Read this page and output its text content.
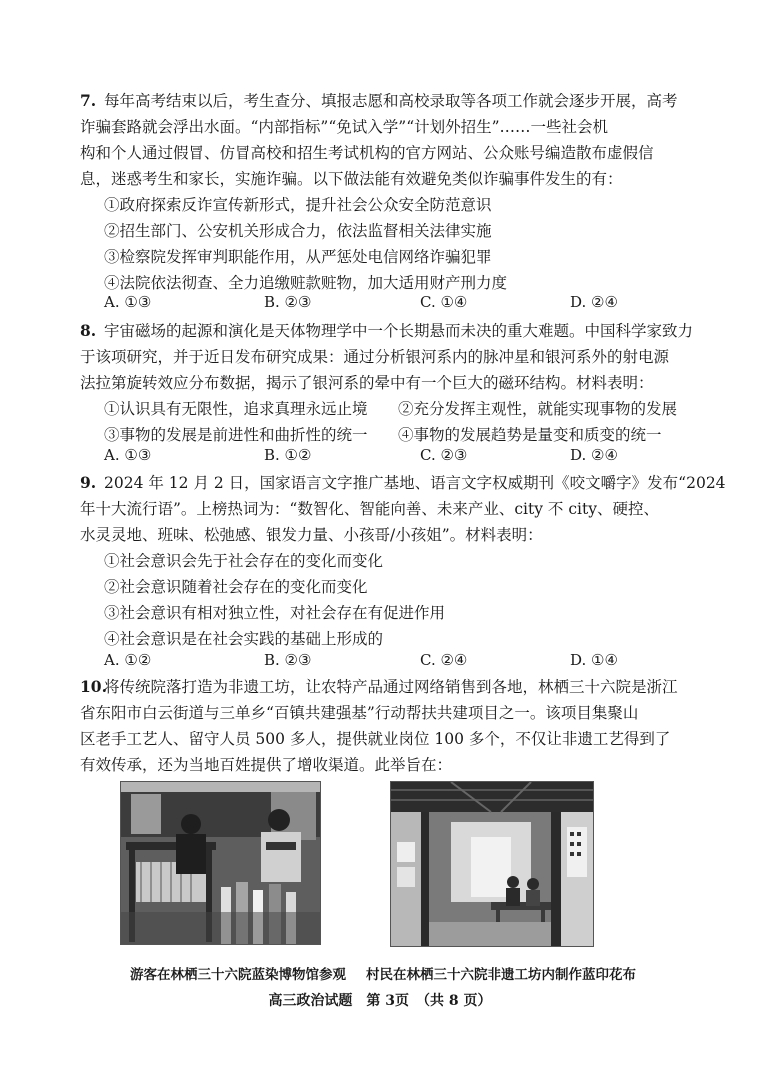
7. 每年高考结束以后，考生查分、填报志愿和高校录取等各项工作就会逐步开展，高考
诈骗套路就会浮出水面。“内部指标”“免试入学”“计划外招生”……一些社会机
构和个人通过假冒、仿冒高校和招生考试机构的官方网站、公众账号编造散布虚假信
息，迷惑考生和家长，实施诈骗。以下做法能有效避免类似诈骗事件发生的有：
①政府探索反诈宣传新形式，提升社会公众安全防范意识
②招生部门、公安机关形成合力，依法监督相关法律实施
③检察院发挥审判职能作用，从严惩处电信网络诈骗犯罪
④法院依法彻查、全力追缴赃款赃物，加大适用财产刑力度
A. ①③	B. ②③	C. ①④	D. ②④
8. 宇宙磁场的起源和演化是天体物理学中一个长期悬而未决的重大难题。中国科学家致力
于该项研究，并于近日发布研究成果：通过分析银河系内的脉冲星和银河系外的射电源
法拉第旋转效应分布数据，揭示了银河系的晕中有一个巨大的磁环结构。材料表明：
①认识具有无限性，追求真理永远止境 ②充分发挥主观性，就能实现事物的发展
③事物的发展是前进性和曲折性的统一 ④事物的发展趋势是量变和质变的统一
A. ①③	B. ①②	C. ②③	D. ②④
9. 2024 年 12 月 2 日，国家语言文字推广基地、语言文字权威期刊《咬文嚼字》发布“2024
年十大流行语”。上榜热词为：“数智化、智能向善、未来产业、city 不 city、硬控、
水灵灵地、班味、松弛感、银发力量、小孩哥/小孩姐”。材料表明：
①社会意识会先于社会存在的变化而变化
②社会意识随着社会存在的变化而变化
③社会意识有相对独立性，对社会存在有促进作用
④社会意识是在社会实践的基础上形成的
A. ①②	B. ②③	C. ②④	D. ①④
10.
将传统院落打造为非遗工坊，让农特产品通过网络销售到各地，林栖三十六院是浙江
省东阳市白云街道与三单乡“百镇共建强基”行动帮扶共建项目之一。该项目集聚山
区老手工艺人、留守人员 500 多人，提供就业岗位 100 多个，不仅让非遗工艺得到了
有效传承，还为当地百姓提供了增收渠道。此举旨在：
游客在林栖三十六院蓝染博物馆参观 村民在林栖三十六院非遗工坊内制作蓝印花布
高三政治试题　第 3页　（共 8 页）
